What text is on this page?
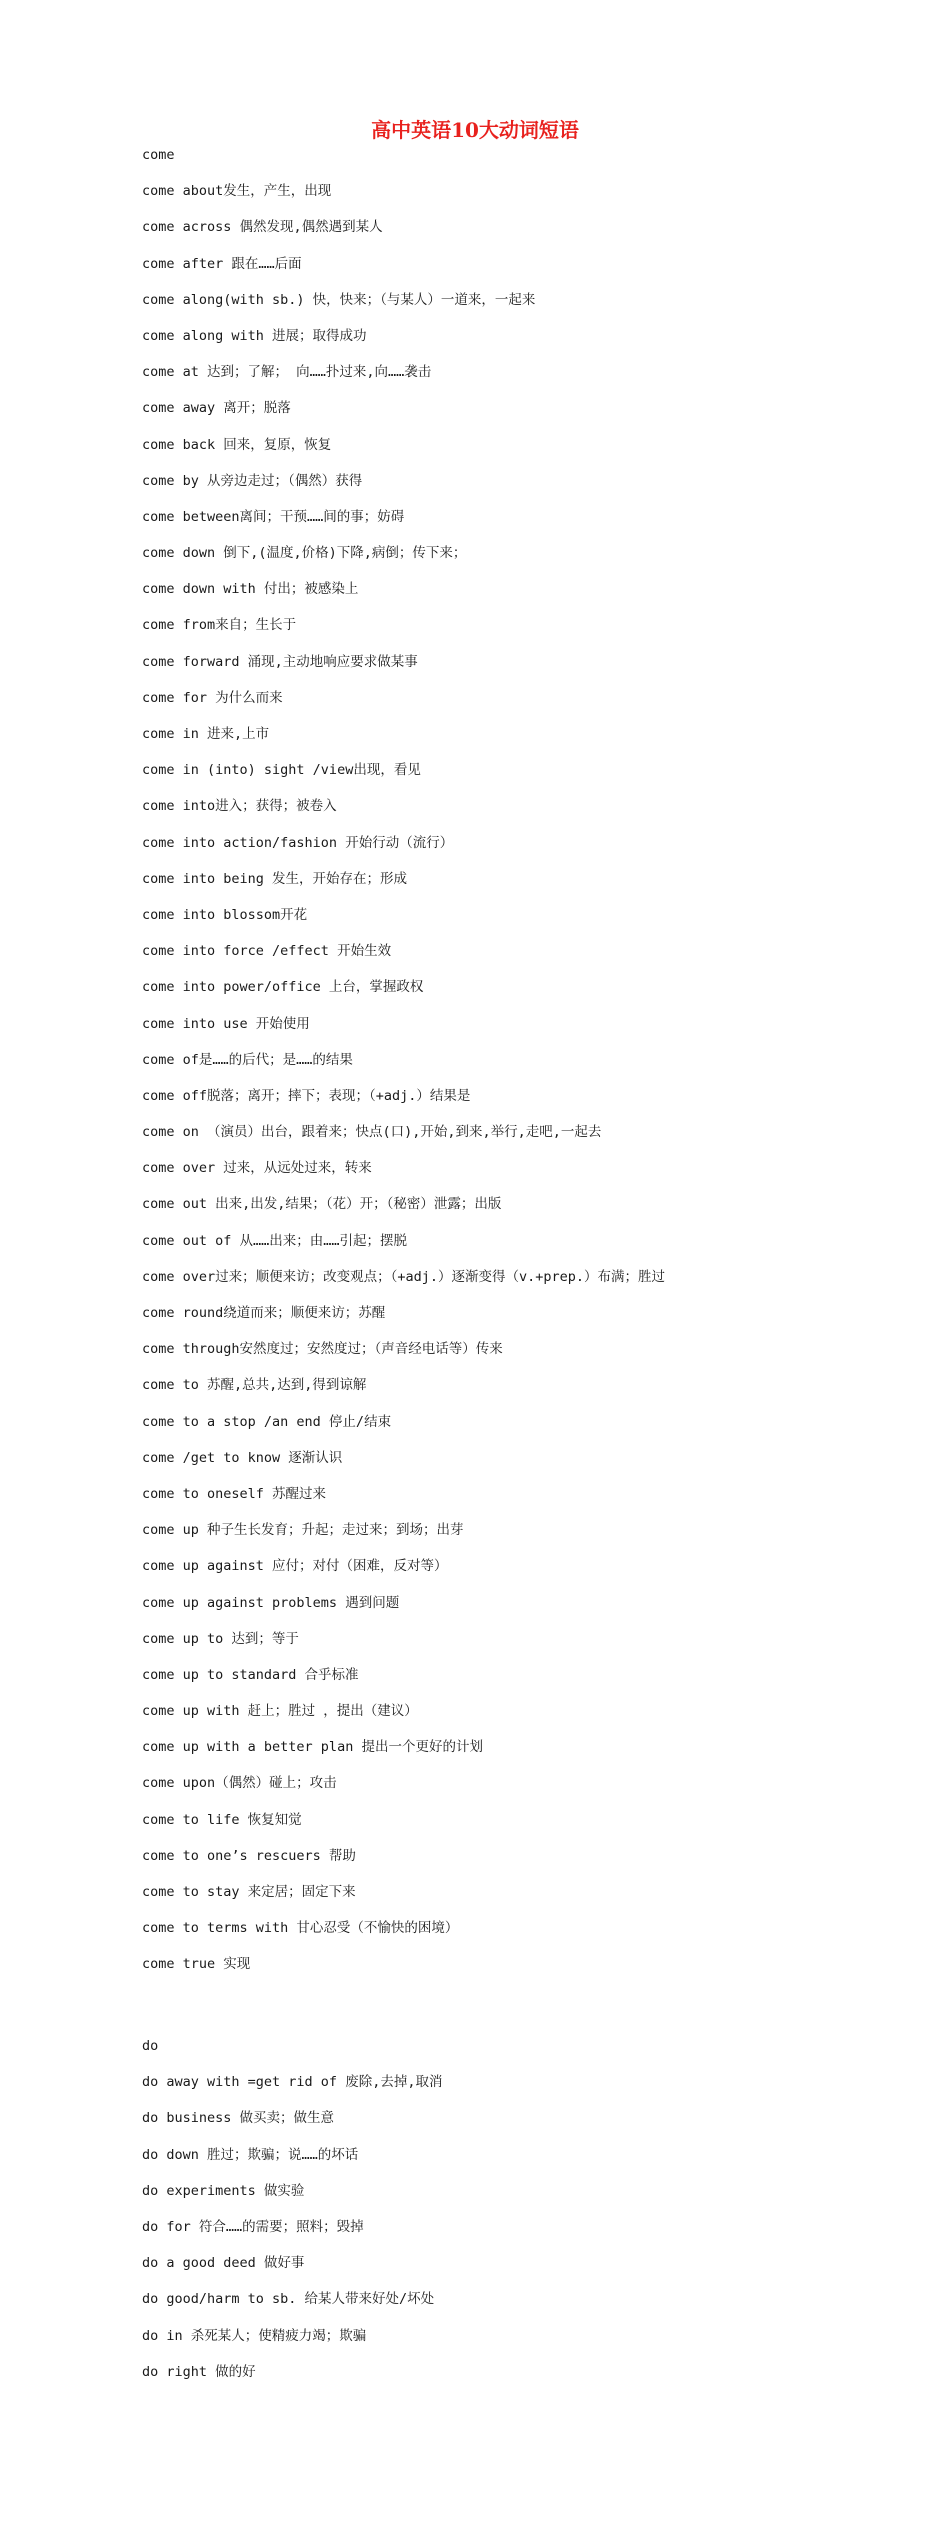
高中英语10大动词短语
come
come about发生，产生，出现
come across 偶然发现,偶然遇到某人
come after 跟在……后面
come along(with sb.) 快，快来；（与某人）一道来，一起来
come along with 进展；取得成功
come at 达到；了解； 向……扑过来,向……袭击
come away 离开；脱落
come back 回来，复原，恢复
come by 从旁边走过；（偶然）获得
come between离间；干预……间的事；妨碍
come down 倒下,(温度,价格)下降,病倒；传下来；
come down with 付出；被感染上
come from来自；生长于
come forward 涌现,主动地响应要求做某事
come for 为什么而来
come in 进来,上市
come in (into) sight /view出现，看见
come into进入；获得；被卷入
come into action/fashion 开始行动（流行）
come into being 发生，开始存在；形成
come into blossom开花
come into force /effect 开始生效
come into power/office 上台，掌握政权
come into use 开始使用
come of是……的后代；是……的结果
come off脱落；离开；摔下；表现；（+adj.）结果是
come on （演员）出台，跟着来；快点(口),开始,到来,举行,走吧,一起去
come over 过来，从远处过来，转来
come out 出来,出发,结果；（花）开；（秘密）泄露；出版
come out of 从……出来；由……引起；摆脱
come over过来；顺便来访；改变观点；（+adj.）逐渐变得（v.+prep.）布满；胜过
come round绕道而来；顺便来访；苏醒
come through安然度过；安然度过；（声音经电话等）传来
come to 苏醒,总共,达到,得到谅解
come to a stop /an end 停止/结束
come /get to know 逐渐认识
come to oneself 苏醒过来
come up 种子生长发育；升起；走过来；到场；出芽
come up against 应付；对付（困难，反对等）
come up against problems 遇到问题
come up to 达到；等于
come up to standard 合乎标准
come up with 赶上；胜过 ，提出（建议）
come up with a better plan 提出一个更好的计划
come upon（偶然）碰上；攻击
come to life 恢复知觉
come to one’s rescuers 帮助
come to stay 来定居；固定下来
come to terms with 甘心忍受（不愉快的困境）
come true 实现
do
do away with =get rid of 废除,去掉,取消
do business 做买卖；做生意
do down 胜过；欺骗；说……的坏话
do experiments 做实验
do for 符合……的需要；照料；毁掉
do a good deed 做好事
do good/harm to sb. 给某人带来好处/坏处
do in 杀死某人；使精疲力竭；欺骗
do right 做的好
